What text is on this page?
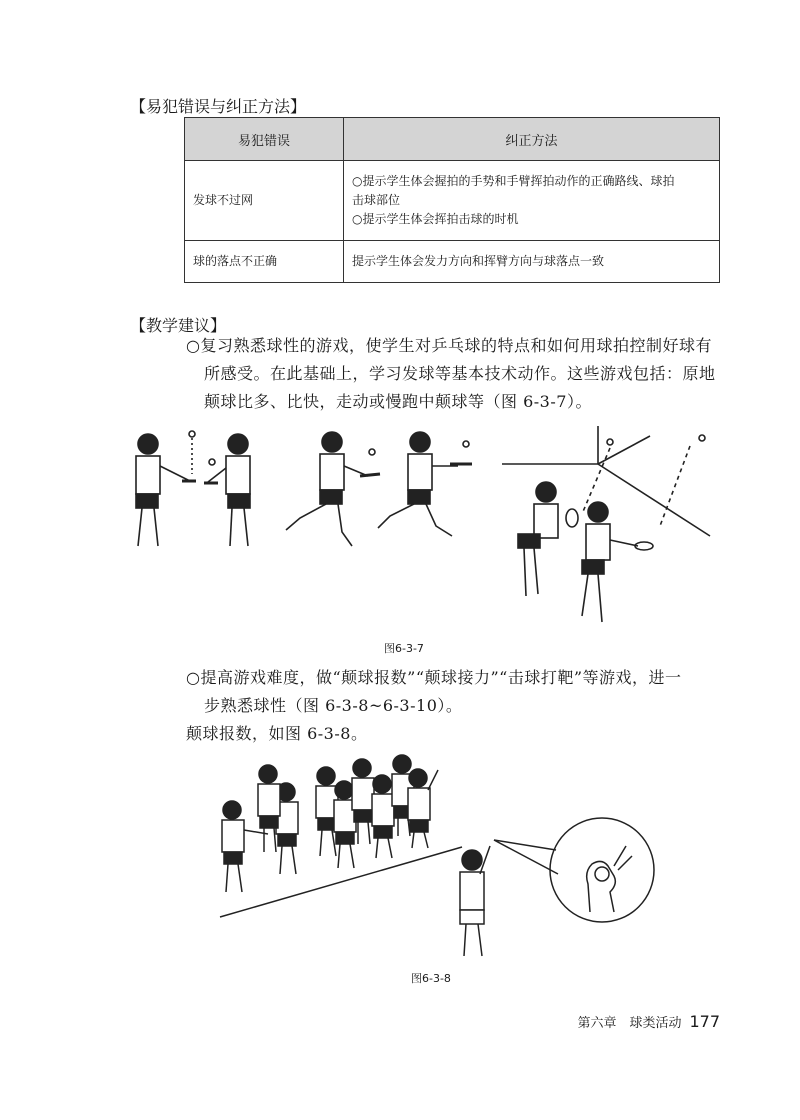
【易犯错误与纠正方法】
易犯错误	纠正方法
发球不过网	○提示学生体会握拍的手势和手臂挥拍动作的正确路线、球拍
击球部位
○提示学生体会挥拍击球的时机

球的落点不正确	提示学生体会发力方向和挥臂方向与球落点一致
【教学建议】
○复习熟悉球性的游戏，使学生对乒乓球的特点和如何用球拍控制好球有
所感受。在此基础上，学习发球等基本技术动作。这些游戏包括：原地
颠球比多、比快，走动或慢跑中颠球等（图 6-3-7）。
图6-3-7
○提高游戏难度，做“颠球报数”“颠球接力”“击球打靶”等游戏，进一
步熟悉球性（图 6-3-8~6-3-10）。
颠球报数，如图 6-3-8。
图6-3-8
第六章　球类活动 177
